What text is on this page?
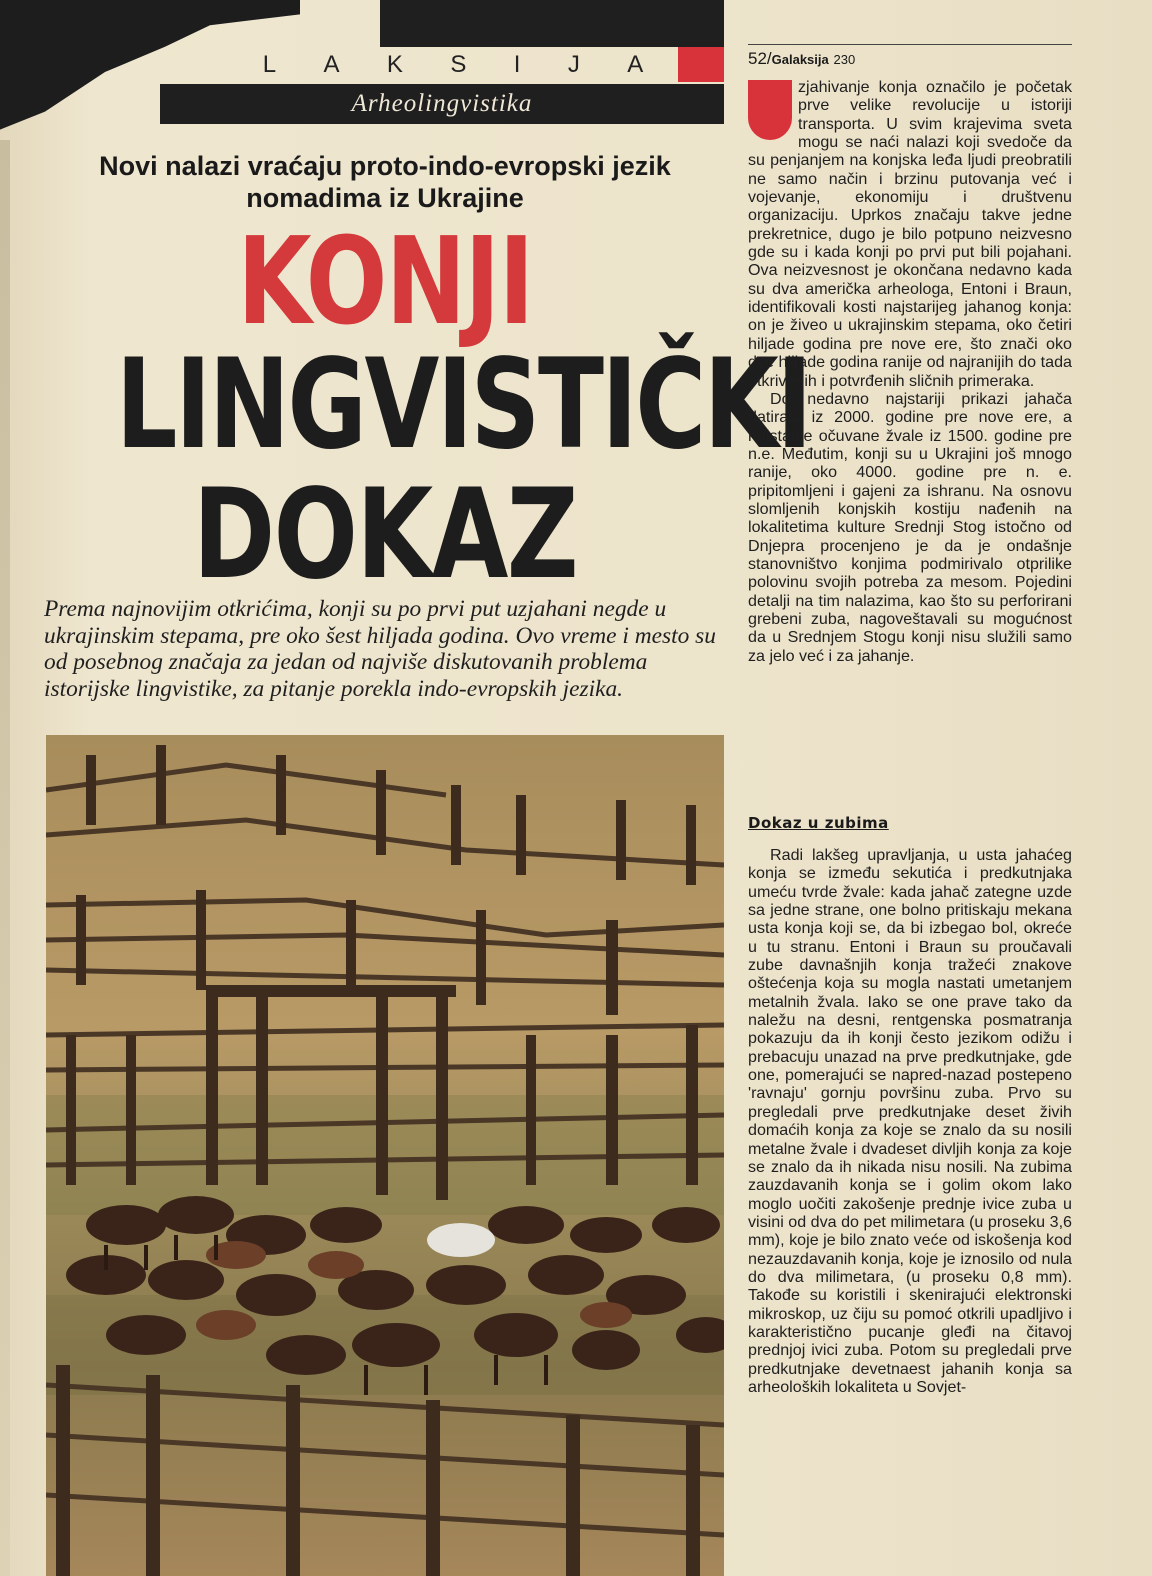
L A K S I J A
Arheolingvistika
Novi nalazi vraćaju proto-indo-evropski jezik nomadima iz Ukrajine
KONJI
LINGVISTIČKI
DOKAZ
Prema najnovijim otkrićima, konji su po prvi put uzjahani negde u ukrajinskim stepama, pre oko šest hiljada godina. Ovo vreme i mesto su od posebnog značaja za jedan od najviše diskutovanih problema istorijske lingvistike, za pitanje porekla indo-evropskih jezika.
52/Galaksija 230

zjahivanje konja označilo je početak prve velike revolucije u istoriji transporta. U svim krajevima sveta mogu se naći nalazi koji svedoče da su penjanjem na konjska leđa ljudi preobratili ne samo način i brzinu putovanja već i vojevanje, ekonomiju i društvenu organizaciju. Uprkos značaju takve jedne prekretnice, dugo je bilo potpuno neizvesno gde su i kada konji po prvi put bili pojahani. Ova neizvesnost je okončana nedavno kada su dva američka arheologa, Entoni i Braun, identifikovali kosti najstarijeg jahanog konja: on je živeo u ukrajinskim stepama, oko četiri hiljade godina pre nove ere, što znači oko dve hiljade godina ranije od najranijih do tada otkrivenih i potvrđenih sličnih primeraka.

Do nedavno najstariji prikazi jahača datiraju iz 2000. godine pre nove ere, a najstarije očuvane žvale iz 1500. godine pre n.e. Međutim, konji su u Ukrajini još mnogo ranije, oko 4000. godine pre n. e. pripitomljeni i gajeni za ishranu. Na osnovu slomljenih konjskih kostiju nađenih na lokalitetima kulture Srednji Stog istočno od Dnjepra procenjeno je da je ondašnje stanovništvo konjima podmirivalo otprilike polovinu svojih potreba za mesom. Pojedini detalji na tim nalazima, kao što su perforirani grebeni zuba, nagoveštavali su mogućnost da u Srednjem Stogu konji nisu služili samo za jelo već i za jahanje.

Dokaz u zubima

Radi lakšeg upravljanja, u usta jahaćeg konja se između sekutića i predkutnjaka umeću tvrde žvale: kada jahač zategne uzde sa jedne strane, one bolno pritiskaju mekana usta konja koji se, da bi izbegao bol, okreće u tu stranu. Entoni i Braun su proučavali zube davnašnjih konja tražeći znakove oštećenja koja su mogla nastati umetanjem metalnih žvala. Iako se one prave tako da naležu na desni, rentgenska posmatranja pokazuju da ih konji često jezikom odižu i prebacuju unazad na prve predkutnjake, gde one, pomerajući se napred-nazad postepeno 'ravnaju' gornju površinu zuba. Prvo su pregledali prve predkutnjake deset živih domaćih konja za koje se znalo da su nosili metalne žvale i dvadeset divljih konja za koje se znalo da ih nikada nisu nosili. Na zubima zauzdavanih konja se i golim okom lako moglo uočiti zakošenje prednje ivice zuba u visini od dva do pet milimetara (u proseku 3,6 mm), koje je bilo znato veće od iskošenja kod nezauzdavanih konja, koje je iznosilo od nula do dva milimetara, (u proseku 0,8 mm). Takođe su koristili i skenirajući elektronski mikroskop, uz čiju su pomoć otkrili upadljivo i karakteristično pucanje gleđi na čitavoj prednjoj ivici zuba. Potom su pregledali prve predkutnjake devetnaest jahanih konja sa arheoloških lokaliteta u Sovjet-
